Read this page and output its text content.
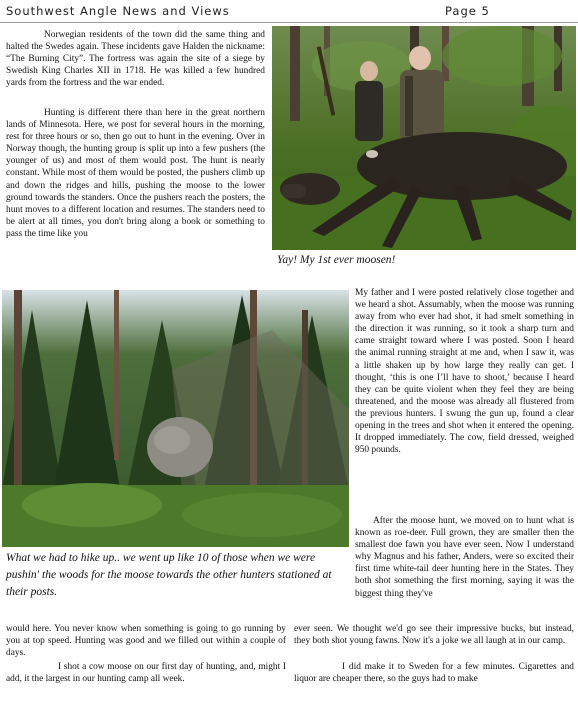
Southwest Angle News and Views	Page 5

Norwegian residents of the town did the same thing and halted the Swedes again. These incidents gave Halden the nickname: “The Burning City”. The fortress was again the site of a siege by Swedish King Charles XII in 1718. He was killed a few hundred yards from the fortress and the war ended.

Hunting is different there than here in the great northern lands of Minnesota. Here, we post for several hours in the morning, rest for three hours or so, then go out to hunt in the evening. Over in Norway though, the hunting group is split up into a few pushers (the younger of us) and most of them would post. The hunt is nearly constant. While most of them would be posted, the pushers climb up and down the ridges and hills, pushing the moose to the lower ground towards the standers. Once the pushers reach the posters, the hunt moves to a different location and resumes. The standers need to be alert at all times, you don't bring along a book or something to pass the time like you

Yay! My 1st ever moosen!
What we had to hike up.. we went up like 10 of those when we were pushin' the woods for the moose towards the other hunters stationed at their posts.

My father and I were posted relatively close together and we heard a shot. Assumably, when the moose was running away from who ever had shot, it had smelt something in the direction it was running, so it took a sharp turn and came straight toward where I was posted. Soon I heard the animal running straight at me and, when I saw it, was a little shaken up by how large they really can get. I thought, ‘this is one I’ll have to shoot,’ because I heard they can be quite violent when they feel they are being threatened, and the moose was already all flustered from the previous hunters. I swung the gun up, found a clear opening in the trees and shot when it entered the opening. It dropped immediately. The cow, field dressed, weighed 950 pounds.

After the moose hunt, we moved on to hunt what is known as roe-deer. Full grown, they are smaller then the smallest doe fawn you have ever seen. Now I understand why Magnus and his father, Anders, were so excited their first time white-tail deer hunting here in the States. They both shot something the first morning, saying it was the biggest thing they've

would here. You never know when something is going to go running by you at top speed. Hunting was good and we filled out within a couple of days.

I shot a cow moose on our first day of hunting, and, might I add, it the largest in our hunting camp all week.

ever seen. We thought we'd go see their impressive bucks, but instead, they both shot young fawns. Now it's a joke we all laugh at in our camp.

I did make it to Sweden for a few minutes. Cigarettes and liquor are cheaper there, so the guys had to make
